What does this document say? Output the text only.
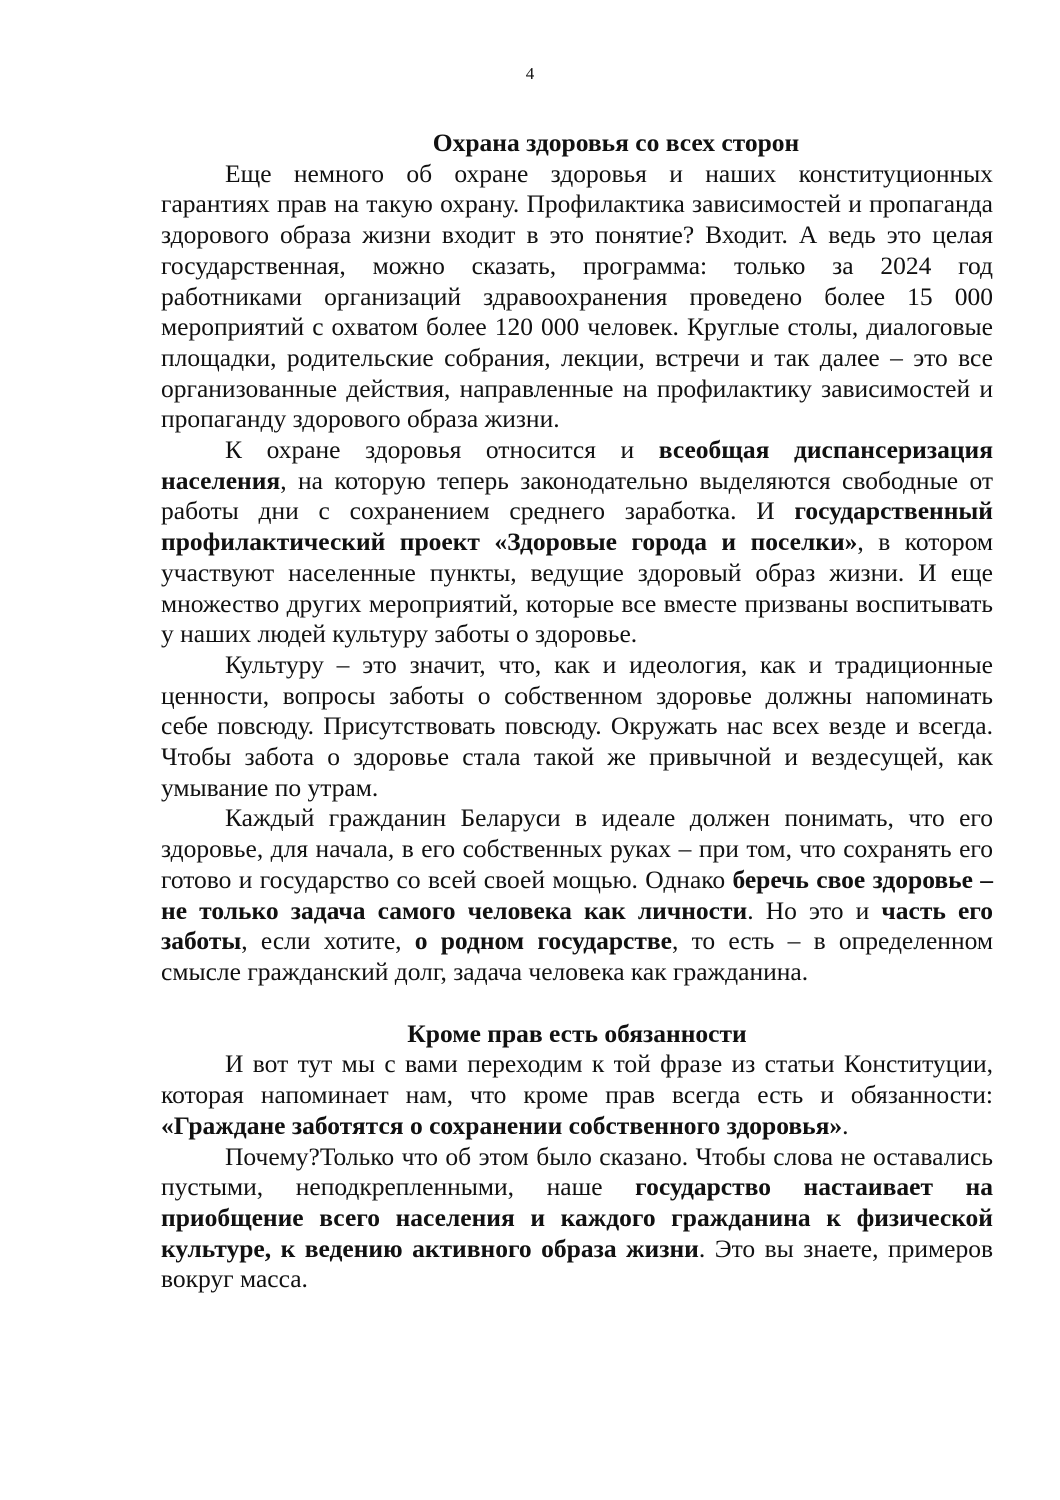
4
Охрана здоровья со всех сторон

Еще немного об охране здоровья и наших конституционных гарантиях прав на такую охрану. Профилактика зависимостей и пропаганда здорового образа жизни входит в это понятие? Входит. А ведь это целая государственная, можно сказать, программа: только за 2024 год работниками организаций здравоохранения проведено более 15 000 мероприятий с охватом более 120 000 человек. Круглые столы, диалоговые площадки, родительские собрания, лекции, встречи и так далее – это все организованные действия, направленные на профилактику зависимостей и пропаганду здорового образа жизни.

К охране здоровья относится и всеобщая диспансеризация населения, на которую теперь законодательно выделяются свободные от работы дни с сохранением среднего заработка. И государственный профилактический проект «Здоровые города и поселки», в котором участвуют населенные пункты, ведущие здоровый образ жизни. И еще множество других мероприятий, которые все вместе призваны воспитывать у наших людей культуру заботы о здоровье.

Культуру – это значит, что, как и идеология, как и традиционные ценности, вопросы заботы о собственном здоровье должны напоминать себе повсюду. Присутствовать повсюду. Окружать нас всех везде и всегда. Чтобы забота о здоровье стала такой же привычной и вездесущей, как умывание по утрам.

Каждый гражданин Беларуси в идеале должен понимать, что его здоровье, для начала, в его собственных руках – при том, что сохранять его готово и государство со всей своей мощью. Однако беречь свое здоровье – не только задача самого человека как личности. Но это и часть его заботы, если хотите, о родном государстве, то есть – в определенном смысле гражданский долг, задача человека как гражданина.

Кроме прав есть обязанности

И вот тут мы с вами переходим к той фразе из статьи Конституции, которая напоминает нам, что кроме прав всегда есть и обязанности: «Граждане заботятся о сохранении собственного здоровья».

Почему?Только что об этом было сказано. Чтобы слова не оставались пустыми, неподкрепленными, наше государство настаивает на приобщение всего населения и каждого гражданина к физической культуре, к ведению активного образа жизни. Это вы знаете, примеров вокруг масса.
